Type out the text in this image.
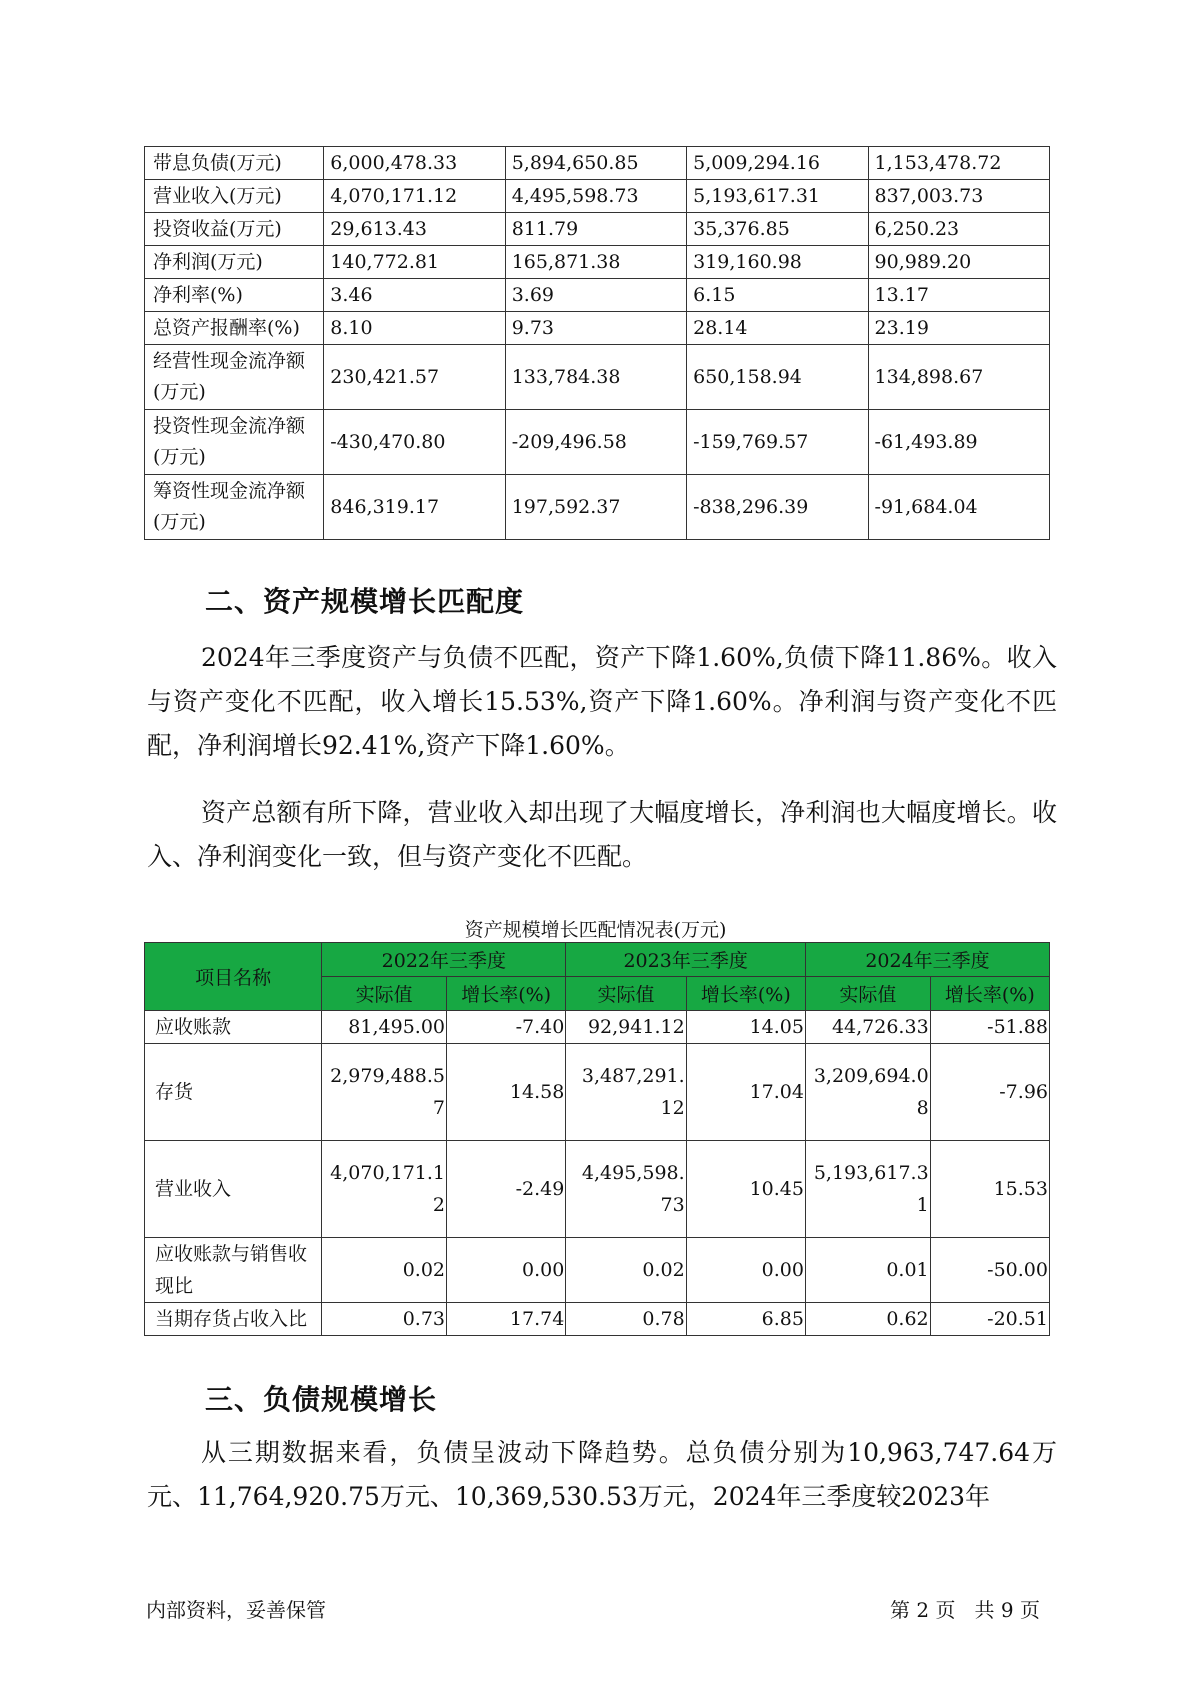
带息负债(万元)	6,000,478.33	5,894,650.85	5,009,294.16	1,153,478.72
营业收入(万元)	4,070,171.12	4,495,598.73	5,193,617.31	837,003.73
投资收益(万元)	29,613.43	811.79	35,376.85	6,250.23
净利润(万元)	140,772.81	165,871.38	319,160.98	90,989.20
净利率(%)	3.46	3.69	6.15	13.17
总资产报酬率(%)	8.10	9.73	28.14	23.19
经营性现金流净额(万元)	230,421.57	133,784.38	650,158.94	134,898.67
投资性现金流净额(万元)	-430,470.80	-209,496.58	-159,769.57	-61,493.89
筹资性现金流净额(万元)	846,319.17	197,592.37	-838,296.39	-91,684.04
二、资产规模增长匹配度

2024年三季度资产与负债不匹配，资产下降1.60%,负债下降11.86%。收入与资产变化不匹配，收入增长15.53%,资产下降1.60%。净利润与资产变化不匹配，净利润增长92.41%,资产下降1.60%。

资产总额有所下降，营业收入却出现了大幅度增长，净利润也大幅度增长。收入、净利润变化一致，但与资产变化不匹配。

资产规模增长匹配情况表(万元)
项目名称	2022年三季度		2023年三季度		2024年三季度	
	实际值	增长率(%)	实际值	增长率(%)	实际值	增长率(%)
应收账款	81,495.00	-7.40	92,941.12	14.05	44,726.33	-51.88
存货	2,979,488.57	14.58	3,487,291.12	17.04	3,209,694.08	-7.96
营业收入	4,070,171.12	-2.49	4,495,598.73	10.45	5,193,617.31	15.53
应收账款与销售收现比	0.02	0.00	0.02	0.00	0.01	-50.00
当期存货占收入比	0.73	17.74	0.78	6.85	0.62	-20.51
三、负债规模增长

从三期数据来看，负债呈波动下降趋势。总负债分别为10,963,747.64万元、11,764,920.75万元、10,369,530.53万元，2024年三季度较2023年

内部资料，妥善保管	第 2 页   共 9 页
